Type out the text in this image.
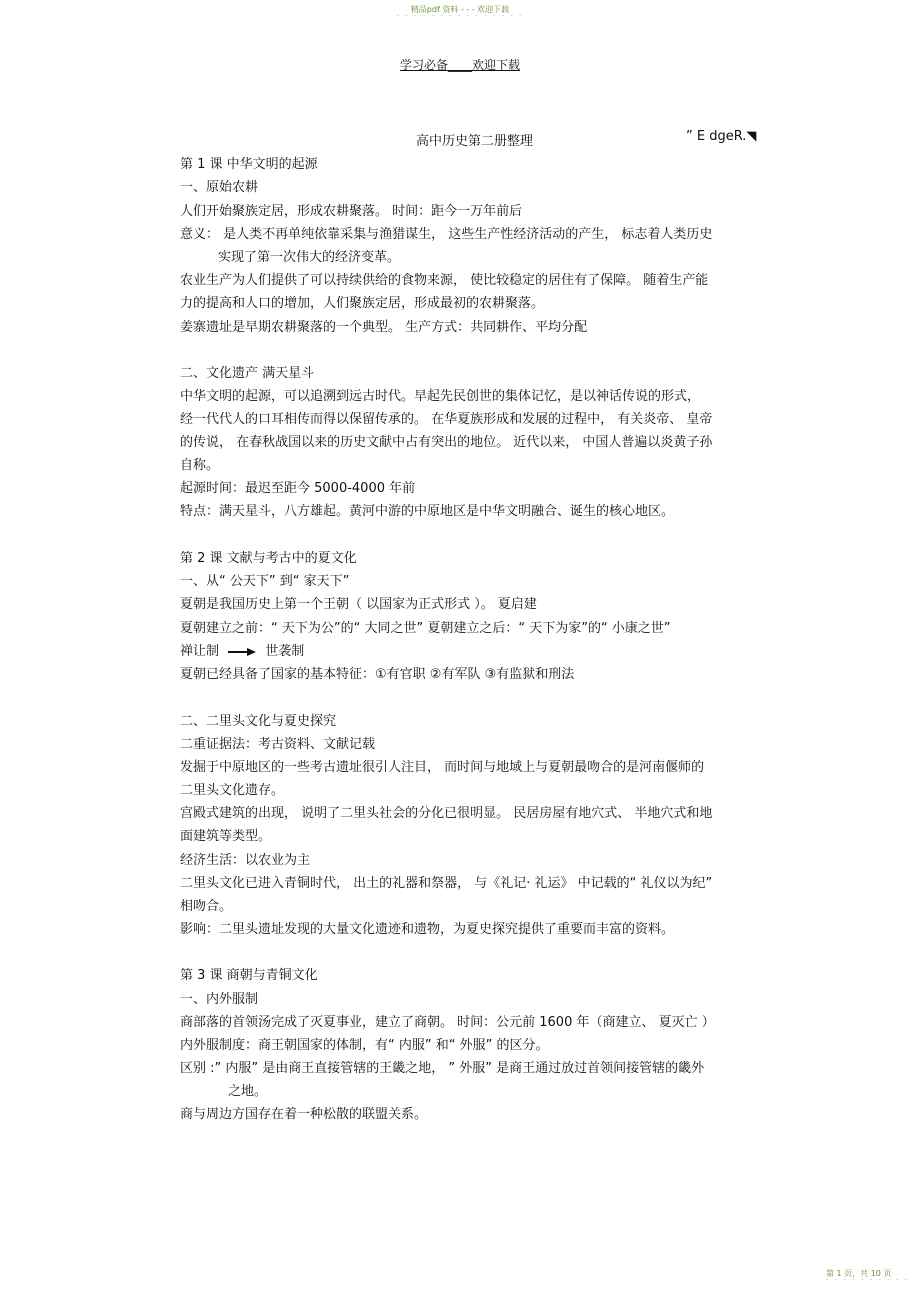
精品pdf 资料 - - - 欢迎下载
- - - - - - - - - - - - - - -
学习必备____欢迎下载
高中历史第二册整理	” E dgeR.◥
第 1 课 中华文明的起源
一、原始农耕
人们开始聚族定居，形成农耕聚落。 时间：距今一万年前后
意义： 是人类不再单纯依靠采集与渔猎谋生， 这些生产性经济活动的产生， 标志着人类历史
实现了第一次伟大的经济变革。
农业生产为人们提供了可以持续供给的食物来源， 使比较稳定的居住有了保障。 随着生产能
力的提高和人口的增加，人们聚族定居，形成最初的农耕聚落。
姜寨遗址是早期农耕聚落的一个典型。 生产方式：共同耕作、平均分配
二、文化遗产 满天星斗
中华文明的起源，可以追溯到远古时代。早起先民创世的集体记忆，是以神话传说的形式，
经一代代人的口耳相传而得以保留传承的。 在华夏族形成和发展的过程中， 有关炎帝、 皇帝
的传说， 在春秋战国以来的历史文献中占有突出的地位。 近代以来， 中国人普遍以炎黄子孙
自称。
起源时间：最迟至距今 5000-4000 年前
特点：满天星斗，八方雄起。黄河中游的中原地区是中华文明融合、诞生的核心地区。
第 2 课 文献与考古中的夏文化
一、从“ 公天下” 到“ 家天下”
夏朝是我国历史上第一个王朝（ 以国家为正式形式 ）。 夏启建
夏朝建立之前：“ 天下为公”的“ 大同之世” 夏朝建立之后：“ 天下为家”的“ 小康之世”
禅让制	世袭制
夏朝已经具备了国家的基本特征：①有官职 ②有军队 ③有监狱和刑法
二、二里头文化与夏史探究
二重证据法：考古资料、文献记载
发掘于中原地区的一些考古遗址很引人注目， 而时间与地域上与夏朝最吻合的是河南偃师的
二里头文化遗存。
宫殿式建筑的出现， 说明了二里头社会的分化已很明显。 民居房屋有地穴式、 半地穴式和地
面建筑等类型。
经济生活：以农业为主
二里头文化已进入青铜时代， 出土的礼器和祭器， 与《礼记· 礼运》 中记载的“ 礼仪以为纪”
相吻合。
影响：二里头遗址发现的大量文化遗迹和遗物，为夏史探究提供了重要而丰富的资料。
第 3 课 商朝与青铜文化
一、内外服制
商部落的首领汤完成了灭夏事业，建立了商朝。 时间：公元前 1600 年（商建立、 夏灭亡 ）
内外服制度：商王朝国家的体制，有“ 内服” 和“ 外服” 的区分。
区别 :” 内服” 是由商王直接管辖的王畿之地， ” 外服” 是商王通过放过首领间接管辖的畿外
之地。
商与周边方国存在着一种松散的联盟关系。
第 1 页，共 10 页
- - - - - - - - - -
